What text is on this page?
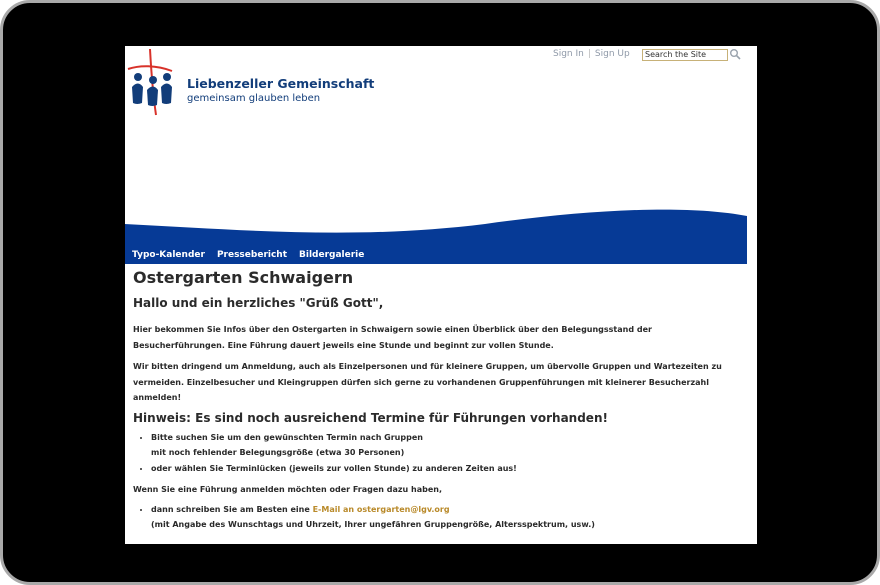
Sign In | Sign Up
Search the Site
Liebenzeller Gemeinschaft
gemeinsam glauben leben
Typo-Kalender Pressebericht Bildergalerie
Ostergarten Schwaigern
Hallo und ein herzliches "Grüß Gott",

Hier bekommen Sie Infos über den Ostergarten in Schwaigern sowie einen Überblick über den Belegungsstand der Besucherführungen. Eine Führung dauert jeweils eine Stunde und beginnt zur vollen Stunde.

Wir bitten dringend um Anmeldung, auch als Einzelpersonen und für kleinere Gruppen, um übervolle Gruppen und Wartezeiten zu vermeiden. Einzelbesucher und Kleingruppen dürfen sich gerne zu vorhandenen Gruppenführungen mit kleinerer Besucherzahl anmelden!

Hinweis: Es sind noch ausreichend Termine für Führungen vorhanden!
• Bitte suchen Sie um den gewünschten Termin nach Gruppen
mit noch fehlender Belegungsgröße (etwa 30 Personen)
• oder wählen Sie Terminlücken (jeweils zur vollen Stunde) zu anderen Zeiten aus!

Wenn Sie eine Führung anmelden möchten oder Fragen dazu haben,

• dann schreiben Sie am Besten eine E-Mail an ostergarten@lgv.org
(mit Angabe des Wunschtags und Uhrzeit, Ihrer ungefähren Gruppengröße, Altersspektrum, usw.)
